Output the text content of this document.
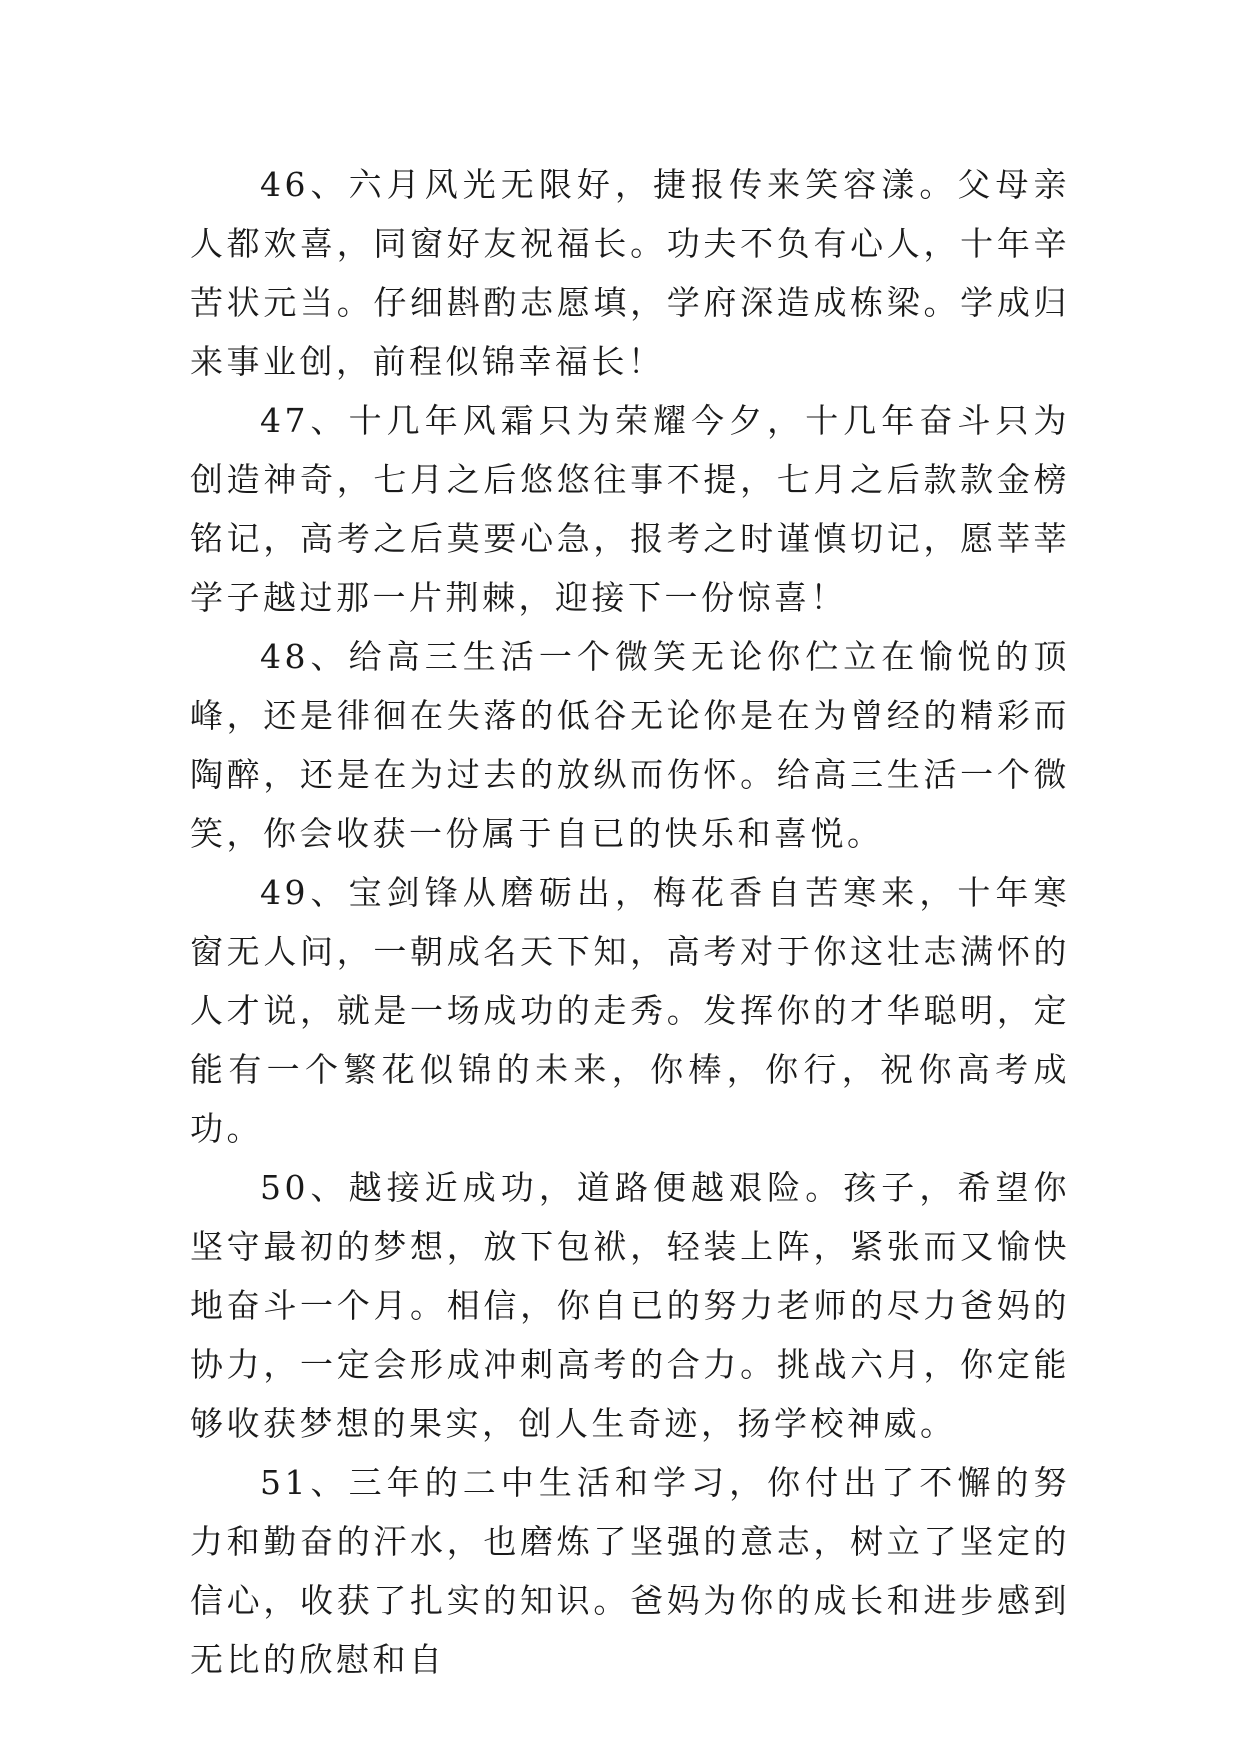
46、六月风光无限好，捷报传来笑容漾。父母亲人都欢喜，同窗好友祝福长。功夫不负有心人，十年辛苦状元当。仔细斟酌志愿填，学府深造成栋梁。学成归来事业创，前程似锦幸福长！

47、十几年风霜只为荣耀今夕，十几年奋斗只为创造神奇，七月之后悠悠往事不提，七月之后款款金榜铭记，高考之后莫要心急，报考之时谨慎切记，愿莘莘学子越过那一片荆棘，迎接下一份惊喜！

48、给高三生活一个微笑无论你伫立在愉悦的顶峰，还是徘徊在失落的低谷无论你是在为曾经的精彩而陶醉，还是在为过去的放纵而伤怀。给高三生活一个微笑，你会收获一份属于自已的快乐和喜悦。

49、宝剑锋从磨砺出，梅花香自苦寒来，十年寒窗无人问，一朝成名天下知，高考对于你这壮志满怀的人才说，就是一场成功的走秀。发挥你的才华聪明，定能有一个繁花似锦的未来，你棒，你行，祝你高考成功。

50、越接近成功，道路便越艰险。孩子，希望你坚守最初的梦想，放下包袱，轻装上阵，紧张而又愉快地奋斗一个月。相信，你自已的努力老师的尽力爸妈的协力，一定会形成冲刺高考的合力。挑战六月，你定能够收获梦想的果实，创人生奇迹，扬学校神威。

51、三年的二中生活和学习，你付出了不懈的努力和勤奋的汗水，也磨炼了坚强的意志，树立了坚定的信心，收获了扎实的知识。爸妈为你的成长和进步感到无比的欣慰和自
